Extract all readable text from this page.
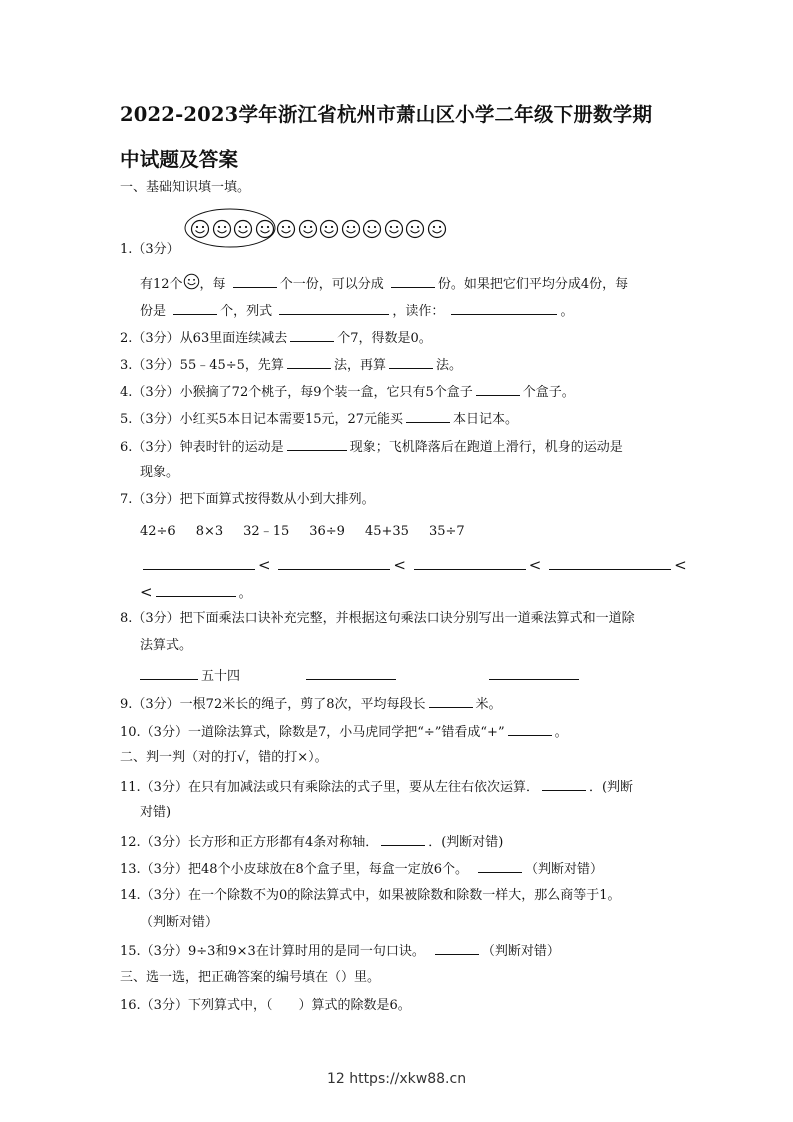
2022-2023学年浙江省杭州市萧山区小学二年级下册数学期
中试题及答案
一、基础知识填一填。
1.（3分）
有12个 ，每	个一份，可以分成	份。如果把它们平均分成4份，每
份是	个，列式	，读作：	。
2.（3分）从63里面连续减去	个7，得数是0。
3.（3分）55﹣45÷5，先算	法，再算	法。
4.（3分）小猴摘了72个桃子，每9个装一盒，它只有5个盒子	个盒子。
5.（3分）小红买5本日记本需要15元，27元能买	本日记本。
6.（3分）钟表时针的运动是	现象；飞机降落后在跑道上滑行，机身的运动是
现象。
7.（3分）把下面算式按得数从小到大排列。
42÷6 8×3 32﹣15 36÷9 45+35 35÷7
<	<	<	<
<	。
8.（3分）把下面乘法口诀补充完整，并根据这句乘法口诀分别写出一道乘法算式和一道除
法算式。
五十四
9.（3分）一根72米长的绳子，剪了8次，平均每段长	米。
10.（3分）一道除法算式，除数是7，小马虎同学把“÷”错看成“+”	。
二、判一判（对的打√，错的打×）。
11.（3分）在只有加减法或只有乘除法的式子里，要从左往右依次运算．	．(判断
对错)
12.（3分）长方形和正方形都有4条对称轴．	．(判断对错)
13.（3分）把48个小皮球放在8个盒子里，每盒一定放6个。	（判断对错）
14.（3分）在一个除数不为0的除法算式中，如果被除数和除数一样大，那么商等于1。
（判断对错）
15.（3分）9÷3和9×3在计算时用的是同一句口诀。	（判断对错）
三、选一选，把正确答案的编号填在（）里。
16.（3分）下列算式中，（　　）算式的除数是6。
12 https://xkw88.cn
